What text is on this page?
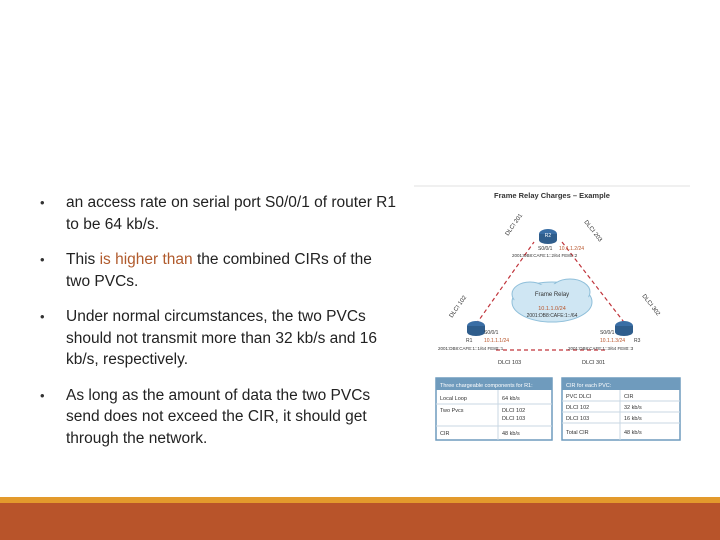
• an access rate on serial port S0/0/1 of router R1 to be 64 kb/s.
• This is higher than the combined CIRs of the two PVCs.
• Under normal circumstances, the two PVCs should not transmit more than 32 kb/s and 16 kb/s, respectively.
• As long as the amount of data the two PVCs send does not exceed the CIR, it should get through the network.
Frame Relay Charges – Example
DLCI 201	DLCI 203
DLCI 102	DLCI 302
DLCI 103	DLCI 301
Frame Relay
10.1.1.0/24
2001:DB8:CAFE:1::/64
R2
S0/0/1 10.1.1.2/24
2001:DB8:CAFE:1::2/64 FE80::2
R1
S0/0/1
10.1.1.1/24
2001:DB8:CAFE:1::1/64 FE80::1
R3
S0/0/1
10.1.1.3/24
2001:DB8:CAFE:1::3/64 FE80::3
Three chargeable components for R1:
Local Loop	64 kb/s
Two Pvcs	DLCI 102
DLCI 103
CIR	48 kb/s
CIR for each PVC:
PVC DLCI	CIR
DLCI 102	32 kb/s
DLCI 103	16 kb/s
Total CIR	48 kb/s
